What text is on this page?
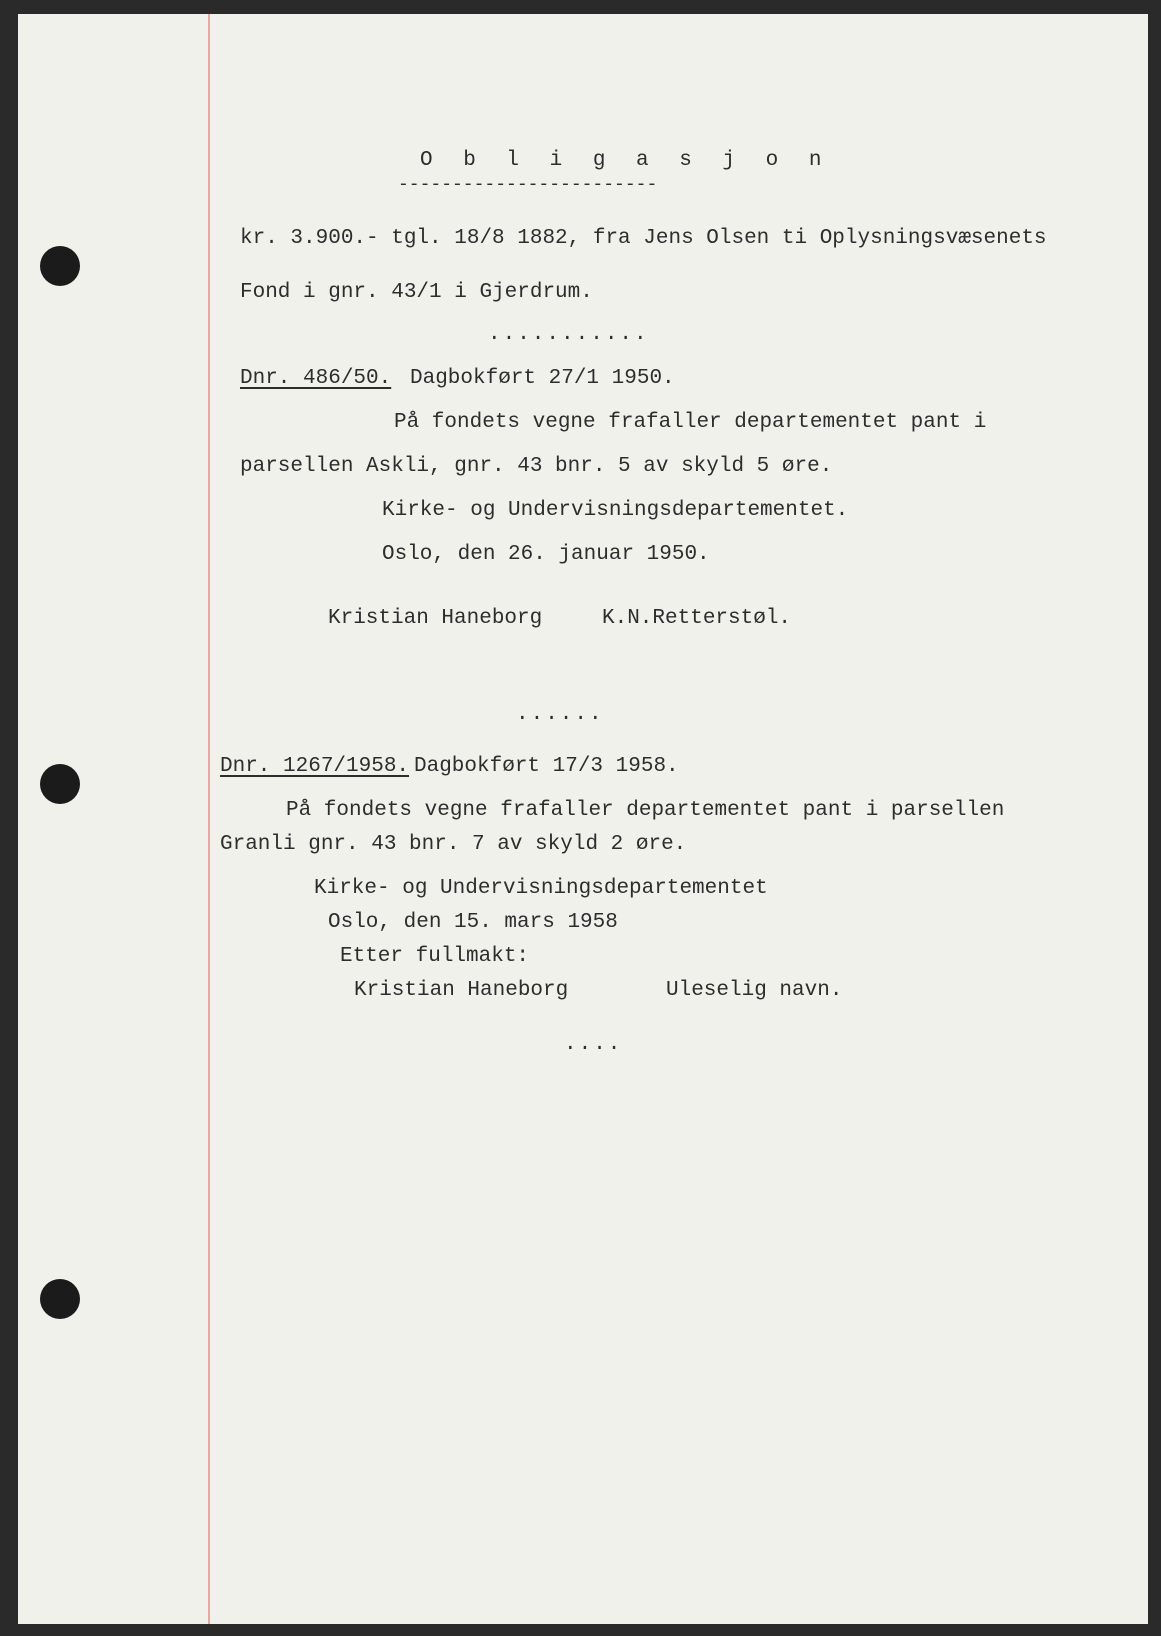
O b l i g a s j o n
------------------------
kr. 3.900.- tgl. 18/8 1882, fra Jens Olsen ti Oplysningsvæsenets
Fond i gnr. 43/1 i Gjerdrum.
...........
Dnr. 486/50. Dagbokført 27/1 1950.
På fondets vegne frafaller departementet pant i
parsellen Askli, gnr. 43 bnr. 5 av skyld 5 øre.
Kirke- og Undervisningsdepartementet.
Oslo, den 26. januar 1950.
Kristian Haneborg	K.N.Retterstøl.
......
Dnr. 1267/1958. Dagbokført 17/3 1958.
På fondets vegne frafaller departementet pant i parsellen
Granli gnr. 43 bnr. 7 av skyld 2 øre.
Kirke- og Undervisningsdepartementet
Oslo, den 15. mars 1958
Etter fullmakt:
Kristian Haneborg	Uleselig navn.
....
